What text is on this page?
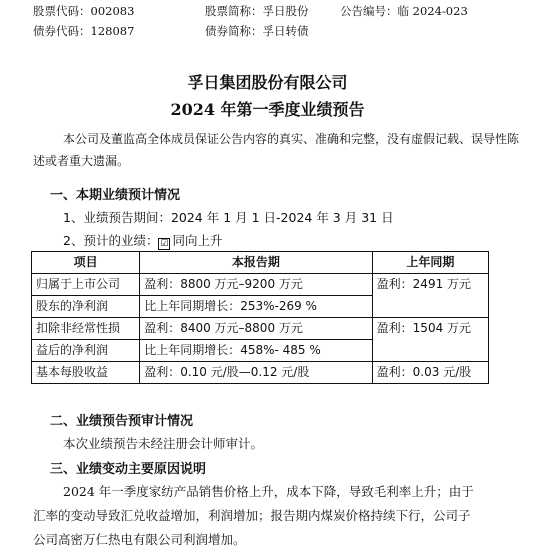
股票代码：002083	股票简称：孚日股份	公告编号：临 2024-023
债券代码：128087	债券简称：孚日转债
孚日集团股份有限公司
2024 年第一季度业绩预告
本公司及董监高全体成员保证公告内容的真实、准确和完整，没有虚假记载、误导性陈
述或者重大遗漏。
一、本期业绩预计情况
1、业绩预告期间：2024 年 1 月 1 日-2024 年 3 月 31 日
2、预计的业绩： ☑ 同向上升
项目	本报告期	上年同期
归属于上市公司	盈利：8800 万元–9200 万元	盈利：2491 万元
股东的净利润	比上年同期增长：253%-269 %	
扣除非经常性损	盈利：8400 万元–8800 万元	盈利：1504 万元
益后的净利润	比上年同期增长：458%- 485 %	
基本每股收益	盈利：0.10 元/股—0.12 元/股	盈利：0.03 元/股
二、业绩预告预审计情况
本次业绩预告未经注册会计师审计。
三、业绩变动主要原因说明
2024 年一季度家纺产品销售价格上升，成本下降，导致毛利率上升；由于
汇率的变动导致汇兑收益增加，利润增加；报告期内煤炭价格持续下行，公司子
公司高密万仁热电有限公司利润增加。
